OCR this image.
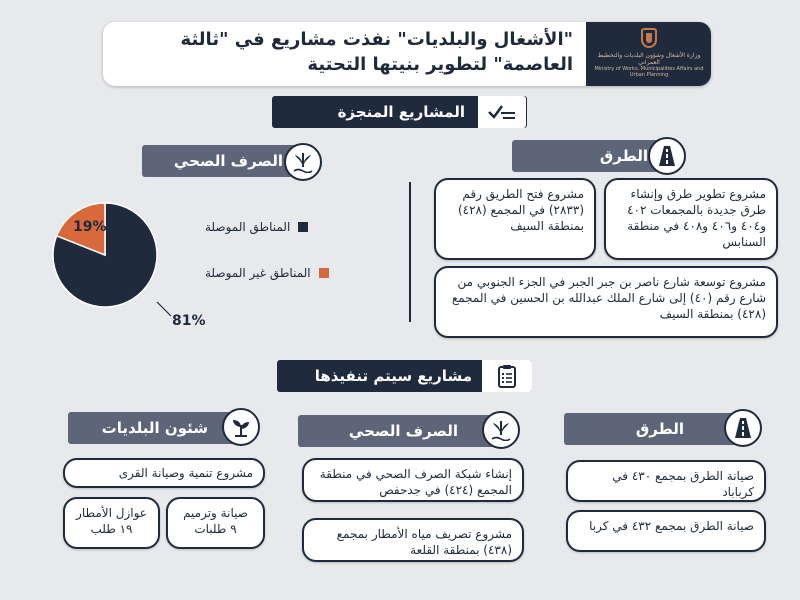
وزارة الأشغال وشؤون البلديات والتخطيط العمراني
Ministry of Works, Municipalities Affairs and Urban Planning
"الأشغال والبلديات" نفذت مشاريع في "ثالثة
العاصمة" لتطوير بنيتها التحتية
المشاريع المنجزة
الصرف الصحي
19%
81%
المناطق الموصلة
المناطق غير الموصلة
الطرق
مشروع تطوير طرق وإنشاء طرق جديدة بالمجمعات ٤٠٢ و٤٠٤ و٤٠٦ و٤٠٨ في منطقة السنابس
مشروع فتح الطريق رقم (٢٨٣٣) في المجمع (٤٢٨) بمنطقة السيف
مشروع توسعة شارع ناصر بن جبر الجبر في الجزء الجنوبي من شارع رقم (٤٠) إلى شارع الملك عبدالله بن الحسين في المجمع (٤٢٨) بمنطقة السيف
مشاريع سيتم تنفيذها
شئون البلديات
مشروع تنمية وصيانة القرى
صيانة وترميم
٩ طلبات
عوازل الأمطار
١٩ طلب
الصرف الصحي
إنشاء شبكة الصرف الصحي في منطقة المجمع (٤٢٤) في جدحفص
مشروع تصريف مياه الأمطار بمجمع (٤٣٨) بمنطقة القلعة
الطرق
صيانة الطرق بمجمع ٤٣٠ في كرباباد
صيانة الطرق بمجمع ٤٣٢ في كربا
